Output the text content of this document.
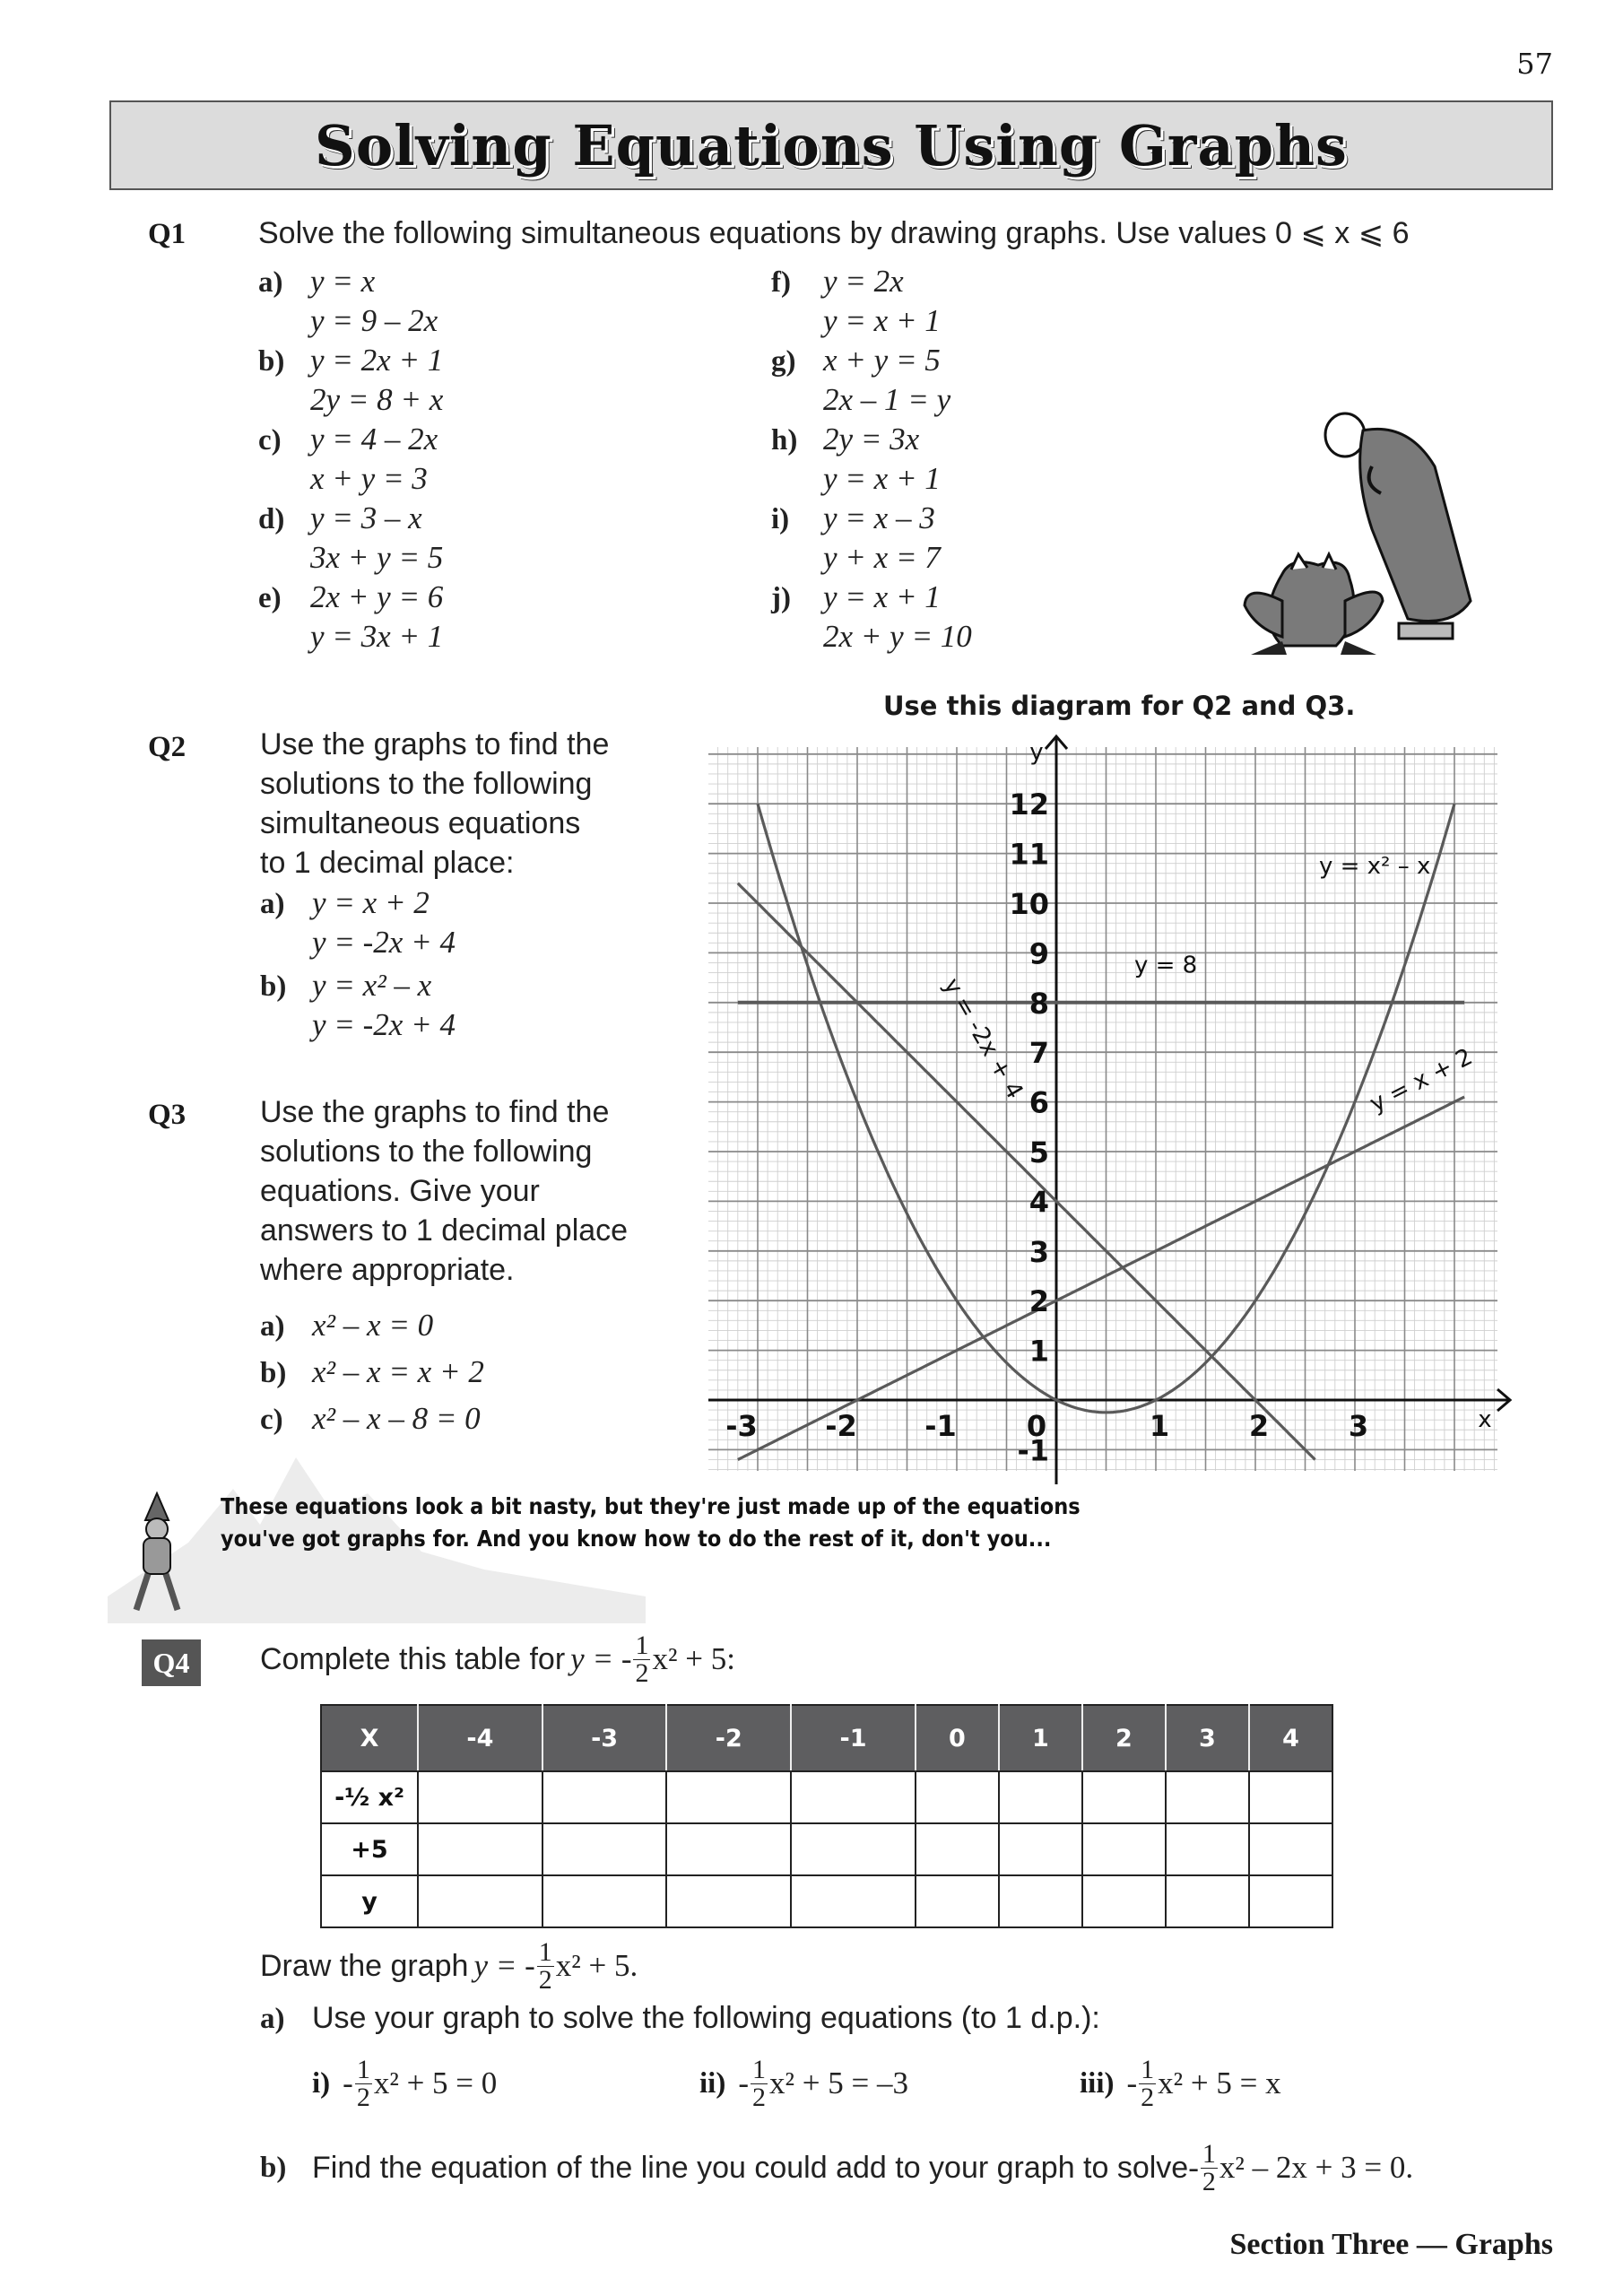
57
Solving Equations Using Graphs
Q1 Solve the following simultaneous equations by drawing graphs. Use values 0 ⩽ x ⩽ 6
a) y = x
y = 9 – 2x
b) y = 2x + 1
2y = 8 + x
c) y = 4 – 2x
x + y = 3
d) y = 3 – x
3x + y = 5
e) 2x + y = 6
y = 3x + 1
f) y = 2x
y = x + 1
g) x + y = 5
2x – 1 = y
h) 2y = 3x
y = x + 1
i) y = x – 3
y + x = 7
j) y = x + 1
2x + y = 10
Q2 Use the graphs to find the
solutions to the following
simultaneous equations
to 1 decimal place:
a) y = x + 2
y = -2x + 4
b) y = x² – x
y = -2x + 4
Q3 Use the graphs to find the
solutions to the following
equations. Give your
answers to 1 decimal place
where appropriate.
a) x² – x = 0
b) x² – x = x + 2
c) x² – x – 8 = 0
Use this diagram for Q2 and Q3.
x
y
-3 -2 -1 0	1	2	3
-1
1
2
3
4
5
6
7
8
9
10
11
12
y = x² – x
y = 8
y = -2x + 4	y = x + 2
These equations look a bit nasty, but they're just made up of the equations
you've got graphs for. And you know how to do the rest of it, don't you...
Q4	Complete this table for y = - $\frac{1}{2} x^2 + 5$:
X	-4	-3	-2	-1	0	1	2	3	4
-½ x²									
+5									
y									
Draw the graph y = - $\frac{1}{2} x^2 + 5$.
a) Use your graph to solve the following equations (to 1 d.p.):
$i) - \frac{1}{2} x^2 + 5 = 0$	$ii) - \frac{1}{2} x^2 + 5 = -3$	$iii) - \frac{1}{2} x^2 + 5 = x$
b) Find the equation of the line you could add to your graph to solve - $\frac{1}{2} x^2 - 2x + 3 = 0$.
Section Three — Graphs
